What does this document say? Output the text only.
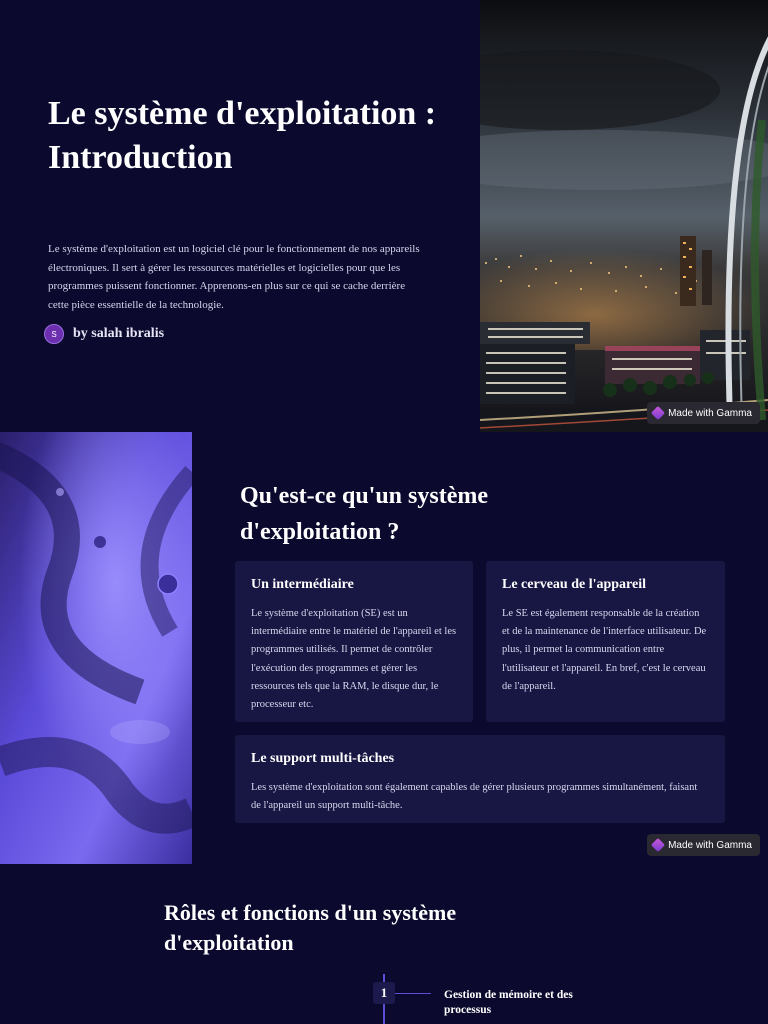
Le système d'exploitation : Introduction

Le système d'exploitation est un logiciel clé pour le fonctionnement de nos appareils électroniques. Il sert à gérer les ressources matérielles et logicielles pour que les programmes puissent fonctionner. Apprenons-en plus sur ce qui se cache derrière cette pièce essentielle de la technologie.

S	by salah ibralis
Made with Gamma
Qu'est-ce qu'un système d'exploitation ?
Un intermédiaire

Le système d'exploitation (SE) est un intermédiaire entre le matériel de l'appareil et les programmes utilisés. Il permet de contrôler l'exécution des programmes et gérer les ressources tels que la RAM, le disque dur, le processeur etc.

Le cerveau de l'appareil

Le SE est également responsable de la création et de la maintenance de l'interface utilisateur. De plus, il permet la communication entre l'utilisateur et l'appareil. En bref, c'est le cerveau de l'appareil.

Le support multi-tâches

Les système d'exploitation sont également capables de gérer plusieurs programmes simultanément, faisant de l'appareil un support multi-tâche.

Made with Gamma
Rôles et fonctions d'un système d'exploitation
1	Gestion de mémoire et des processus
